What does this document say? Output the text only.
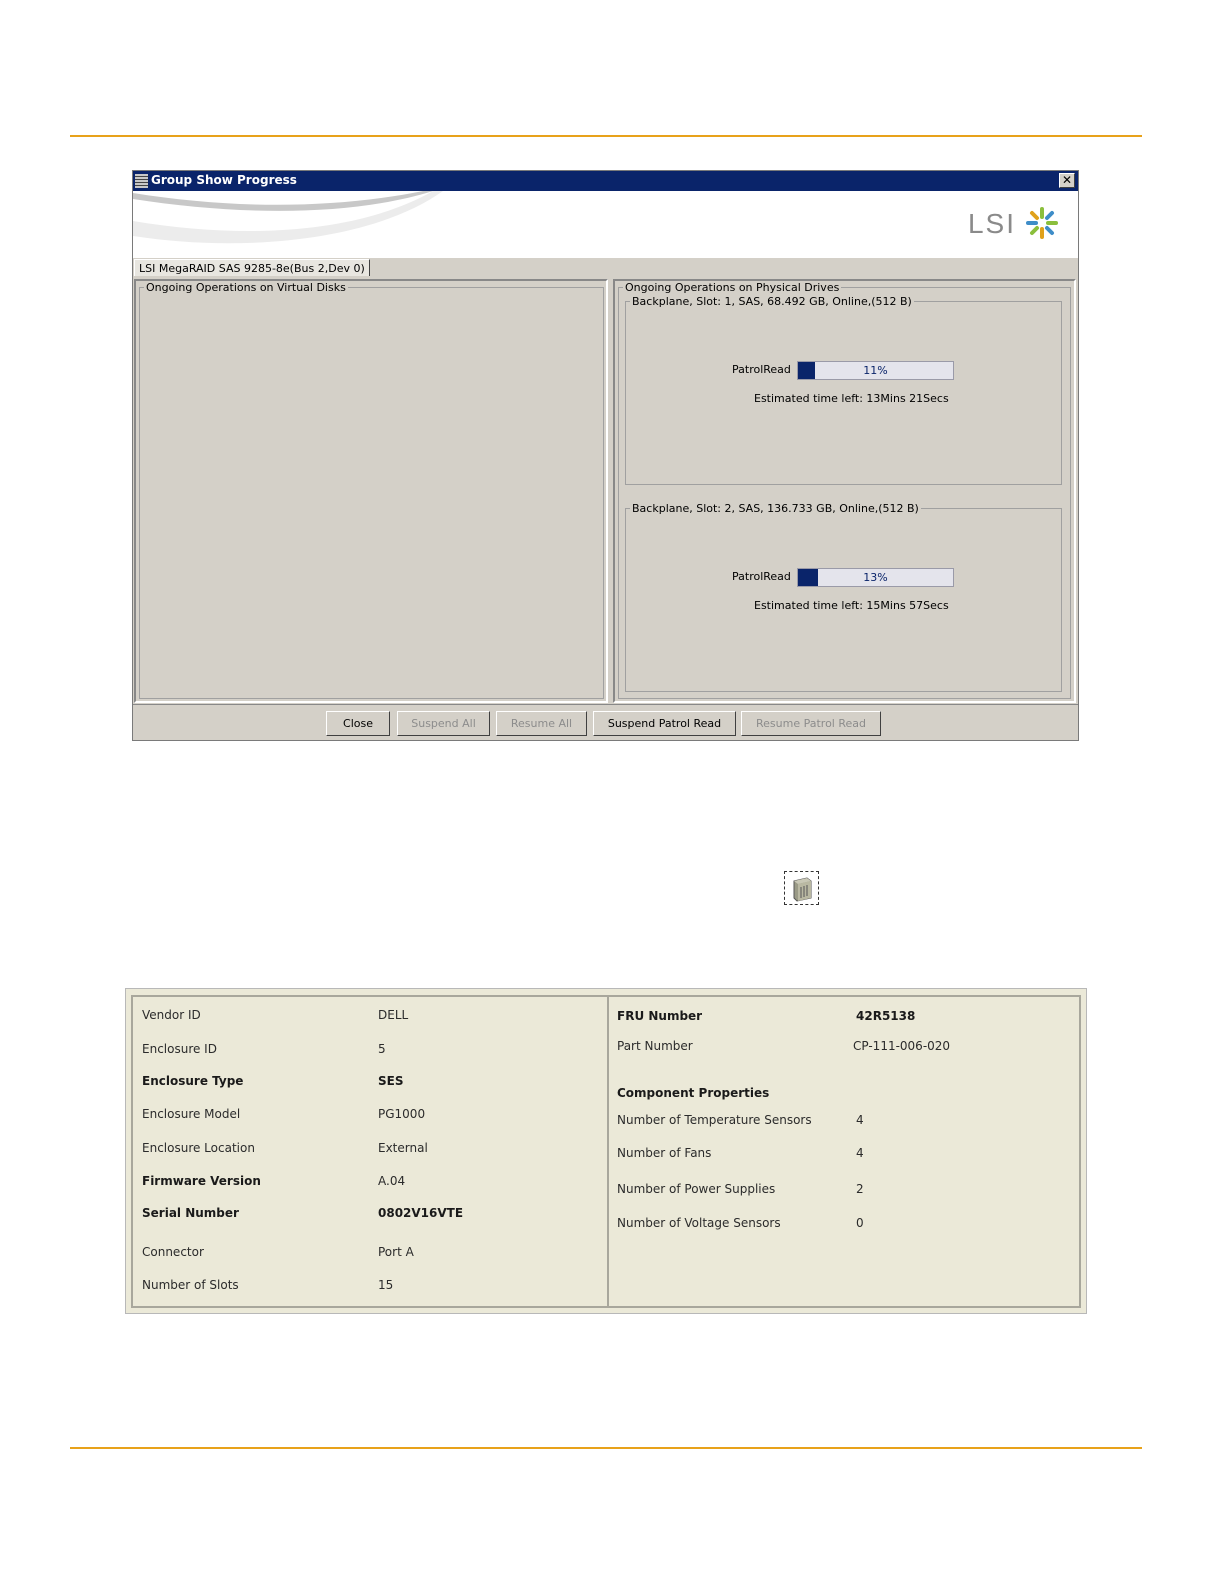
Group Show Progress	✕
LSI
LSI MegaRAID SAS 9285-8e(Bus 2,Dev 0)
Ongoing Operations on Virtual Disks	Ongoing Operations on Physical Drives
Backplane, Slot: 1, SAS, 68.492 GB, Online,(512 B)
PatrolRead	11%
Estimated time left: 13Mins 21Secs
Backplane, Slot: 2, SAS, 136.733 GB, Online,(512 B)
PatrolRead	13%
Estimated time left: 15Mins 57Secs
Close	Suspend All	Resume All	Suspend Patrol Read	Resume Patrol Read
Vendor ID	DELL
Enclosure ID	5
Enclosure Type	SES
Enclosure Model	PG1000
Enclosure Location	External
Firmware Version	A.04
Serial Number	0802V16VTE
Connector	Port A
Number of Slots	15
FRU Number	42R5138
Part Number	CP-111-006-020
Component Properties
Number of Temperature Sensors	4
Number of Fans	4
Number of Power Supplies	2
Number of Voltage Sensors	0
